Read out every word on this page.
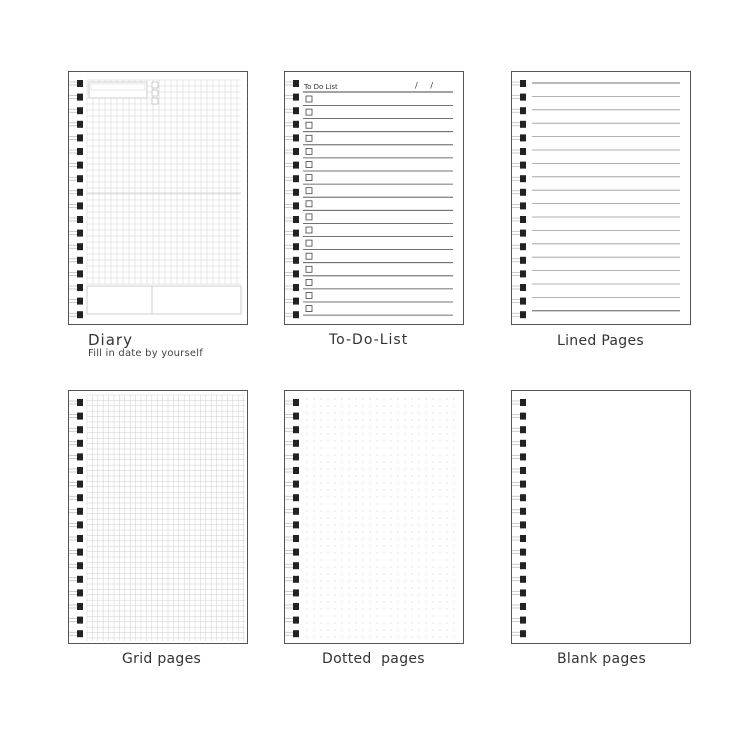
Diary
Fill in date by yourself
To Do List	/     /
To-Do-List	Lined Pages
Grid pages	Dotted  pages	Blank pages
